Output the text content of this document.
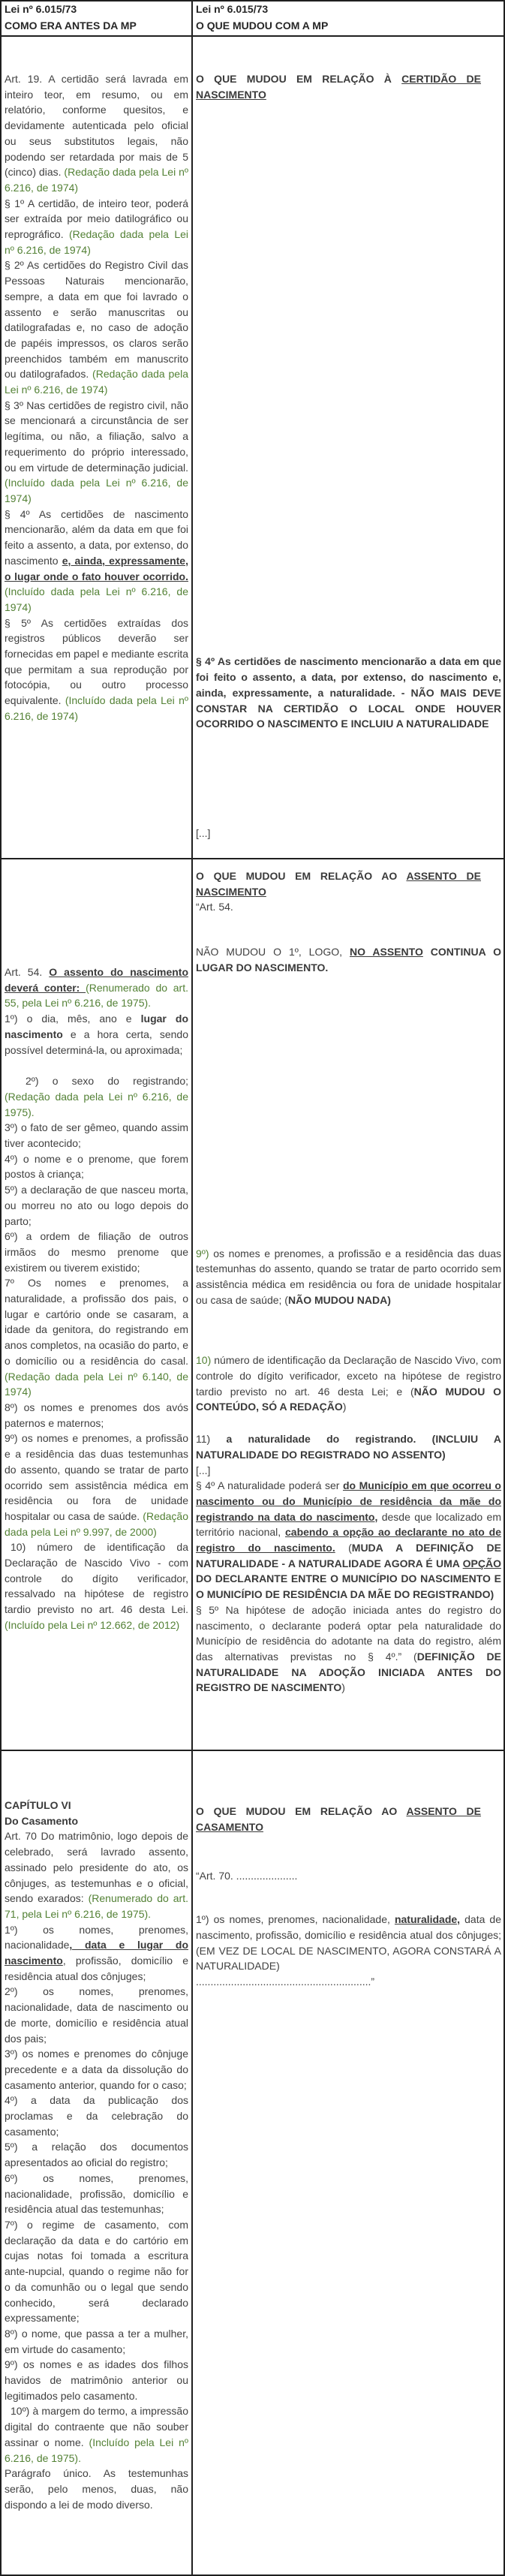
Lei nº 6.015/73

COMO ERA ANTES DA MP

Lei nº 6.015/73

O QUE MUDOU COM A MP

Art. 19. A certidão será lavrada em inteiro teor, em resumo, ou em relatório, conforme quesitos, e devidamente autenticada pelo oficial ou seus substitutos legais, não podendo ser retardada por mais de 5 (cinco) dias. (Redação dada pela Lei nº 6.216, de 1974)

§ 1º A certidão, de inteiro teor, poderá ser extraída por meio datilográfico ou reprográfico. (Redação dada pela Lei nº 6.216, de 1974)

§ 2º As certidões do Registro Civil das Pessoas Naturais mencionarão, sempre, a data em que foi lavrado o assento e serão manuscritas ou datilografadas e, no caso de adoção de papéis impressos, os claros serão preenchidos também em manuscrito ou datilografados. (Redação dada pela Lei nº 6.216, de 1974)

§ 3º Nas certidões de registro civil, não se mencionará a circunstância de ser legítima, ou não, a filiação, salvo a requerimento do próprio interessado, ou em virtude de determinação judicial. (Incluído dada pela Lei nº 6.216, de 1974)

§ 4º As certidões de nascimento mencionarão, além da data em que foi feito a assento, a data, por extenso, do nascimento e, ainda, expressamente, o lugar onde o fato houver ocorrido. (Incluído dada pela Lei nº 6.216, de 1974)

§ 5º As certidões extraídas dos registros públicos deverão ser fornecidas em papel e mediante escrita que permitam a sua reprodução por fotocópia, ou outro processo equivalente. (Incluído dada pela Lei nº 6.216, de 1974)

O QUE MUDOU EM RELAÇÃO À CERTIDÃO DE NASCIMENTO

§ 4º As certidões de nascimento mencionarão a data em que foi feito o assento, a data, por extenso, do nascimento e, ainda, expressamente, a naturalidade. - NÃO MAIS DEVE CONSTAR NA CERTIDÃO O LOCAL ONDE HOUVER OCORRIDO O NASCIMENTO E INCLUIU A NATURALIDADE

[...]

Art. 54. O assento do nascimento deverá conter: (Renumerado do art. 55, pela Lei nº 6.216, de 1975).

1º) o dia, mês, ano e lugar do nascimento e a hora certa, sendo possível determiná-la, ou aproximada;

2º) o sexo do registrando; (Redação dada pela Lei nº 6.216, de 1975).

3º) o fato de ser gêmeo, quando assim tiver acontecido;

4º) o nome e o prenome, que forem postos à criança;

5º) a declaração de que nasceu morta, ou morreu no ato ou logo depois do parto;

6º) a ordem de filiação de outros irmãos do mesmo prenome que existirem ou tiverem existido;

7º Os nomes e prenomes, a naturalidade, a profissão dos pais, o lugar e cartório onde se casaram, a idade da genitora, do registrando em anos completos, na ocasião do parto, e o domicílio ou a residência do casal.(Redação dada pela Lei nº 6.140, de 1974)

8º) os nomes e prenomes dos avós paternos e maternos;

9º) os nomes e prenomes, a profissão e a residência das duas testemunhas do assento, quando se tratar de parto ocorrido sem assistência médica em residência ou fora de unidade hospitalar ou casa de saúde. (Redação dada pela Lei nº 9.997, de 2000)

10) número de identificação da Declaração de Nascido Vivo - com controle do dígito verificador, ressalvado na hipótese de registro tardio previsto no art. 46 desta Lei. (Incluído pela Lei nº 12.662, de 2012)

O QUE MUDOU EM RELAÇÃO AO ASSENTO DE NASCIMENTO

“Art. 54.

NÃO MUDOU O 1º, LOGO, NO ASSENTO CONTINUA O LUGAR DO NASCIMENTO.

9º) os nomes e prenomes, a profissão e a residência das duas testemunhas do assento, quando se tratar de parto ocorrido sem assistência médica em residência ou fora de unidade hospitalar ou casa de saúde; (NÃO MUDOU NADA)

10) número de identificação da Declaração de Nascido Vivo, com controle do dígito verificador, exceto na hipótese de registro tardio previsto no art. 46 desta Lei; e (NÃO MUDOU O CONTEÚDO, SÓ A REDAÇÃO)

11) a naturalidade do registrando. (INCLUIU A NATURALIDADE DO REGISTRADO NO ASSENTO)

[...]

§ 4º A naturalidade poderá ser do Município em que ocorreu o nascimento ou do Município de residência da mãe do registrando na data do nascimento, desde que localizado em território nacional, cabendo a opção ao declarante no ato de registro do nascimento. (MUDA A DEFINIÇÃO DE NATURALIDADE - A NATURALIDADE AGORA É UMA OPÇÃO DO DECLARANTE ENTRE O MUNICÍPIO DO NASCIMENTO E O MUNICÍPIO DE RESIDÊNCIA DA MÃE DO REGISTRANDO)

§ 5º Na hipótese de adoção iniciada antes do registro do nascimento, o declarante poderá optar pela naturalidade do Município de residência do adotante na data do registro, além das alternativas previstas no § 4º.” (DEFINIÇÃO DE NATURALIDADE NA ADOÇÃO INICIADA ANTES DO REGISTRO DE NASCIMENTO)

CAPÍTULO VI

Do Casamento

Art. 70 Do matrimônio, logo depois de celebrado, será lavrado assento, assinado pelo presidente do ato, os cônjuges, as testemunhas e o oficial, sendo exarados: (Renumerado do art. 71, pela Lei nº 6.216, de 1975).

1º) os nomes, prenomes, nacionalidade, data e lugar do nascimento, profissão, domicílio e residência atual dos cônjuges;

2º) os nomes, prenomes, nacionalidade, data de nascimento ou de morte, domicílio e residência atual dos pais;

3º) os nomes e prenomes do cônjuge precedente e a data da dissolução do casamento anterior, quando for o caso;

4º) a data da publicação dos proclamas e da celebração do casamento;

5º) a relação dos documentos apresentados ao oficial do registro;

6º) os nomes, prenomes, nacionalidade, profissão, domicílio e residência atual das testemunhas;

7º) o regime de casamento, com declaração da data e do cartório em cujas notas foi tomada a escritura ante-nupcial, quando o regime não for o da comunhão ou o legal que sendo conhecido, será declarado expressamente;

8º) o nome, que passa a ter a mulher, em virtude do casamento;

9º) os nomes e as idades dos filhos havidos de matrimônio anterior ou legitimados pelo casamento.

10º) à margem do termo, a impressão digital do contraente que não souber assinar o nome. (Incluído pela Lei nº 6.216, de 1975).

Parágrafo único. As testemunhas serão, pelo menos, duas, não dispondo a lei de modo diverso.

O QUE MUDOU EM RELAÇÃO AO ASSENTO DE CASAMENTO

“Art. 70. .....................

1º) os nomes, prenomes, nacionalidade, naturalidade, data de nascimento, profissão, domicílio e residência atual dos cônjuges; (EM VEZ DE LOCAL DE NASCIMENTO, AGORA CONSTARÁ A NATURALIDADE)

............................................................”
